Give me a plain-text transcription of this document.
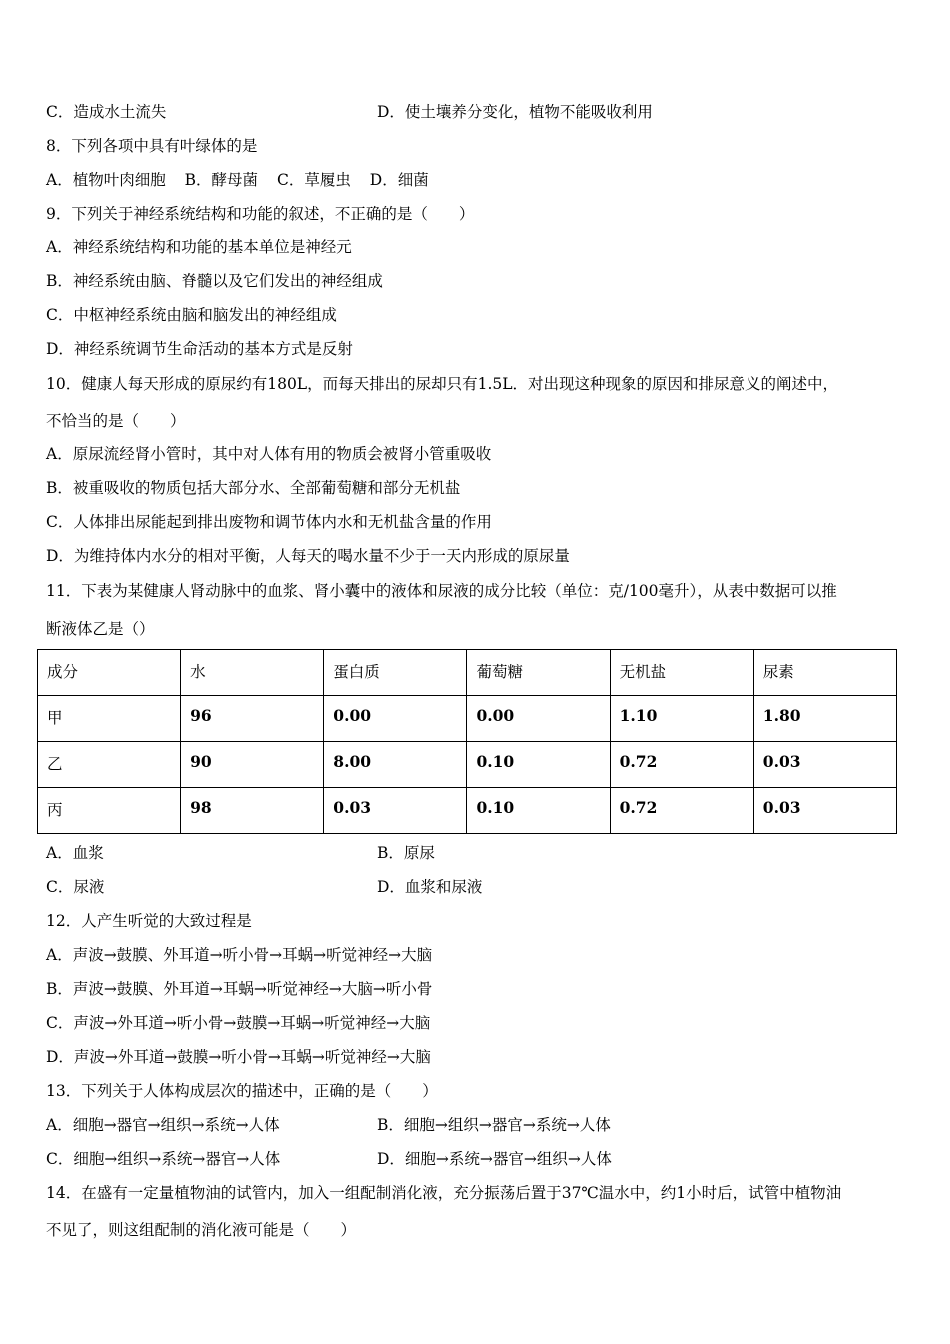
C．造成水土流失	D．使土壤养分变化，植物不能吸收利用
8．下列各项中具有叶绿体的是
A．植物叶肉细胞 B．酵母菌 C．草履虫 D．细菌
9．下列关于神经系统结构和功能的叙述，不正确的是（　　）
A．神经系统结构和功能的基本单位是神经元
B．神经系统由脑、脊髓以及它们发出的神经组成
C．中枢神经系统由脑和脑发出的神经组成
D．神经系统调节生命活动的基本方式是反射
10．健康人每天形成的原尿约有180L，而每天排出的尿却只有1.5L．对出现这种现象的原因和排尿意义的阐述中，
不恰当的是（　　）
A．原尿流经肾小管时，其中对人体有用的物质会被肾小管重吸收
B．被重吸收的物质包括大部分水、全部葡萄糖和部分无机盐
C．人体排出尿能起到排出废物和调节体内水和无机盐含量的作用
D．为维持体内水分的相对平衡，人每天的喝水量不少于一天内形成的原尿量
11．下表为某健康人肾动脉中的血浆、肾小囊中的液体和尿液的成分比较（单位：克/100毫升），从表中数据可以推
断液体乙是（）
成分	水	蛋白质	葡萄糖	无机盐	尿素
甲	96	0.00	0.00	1.10	1.80
乙	90	8.00	0.10	0.72	0.03
丙	98	0.03	0.10	0.72	0.03
A．血浆	B．原尿
C．尿液	D．血浆和尿液
12．人产生听觉的大致过程是
A．声波→鼓膜、外耳道→听小骨→耳蜗→听觉神经→大脑
B．声波→鼓膜、外耳道→耳蜗→听觉神经→大脑→听小骨
C．声波→外耳道→听小骨→鼓膜→耳蜗→听觉神经→大脑
D．声波→外耳道→鼓膜→听小骨→耳蜗→听觉神经→大脑
13．下列关于人体构成层次的描述中，正确的是（　　）
A．细胞→器官→组织→系统→人体	B．细胞→组织→器官→系统→人体
C．细胞→组织→系统→器官→人体	D．细胞→系统→器官→组织→人体
14．在盛有一定量植物油的试管内，加入一组配制消化液，充分振荡后置于37℃温水中，约1小时后，试管中植物油
不见了，则这组配制的消化液可能是（　　）
